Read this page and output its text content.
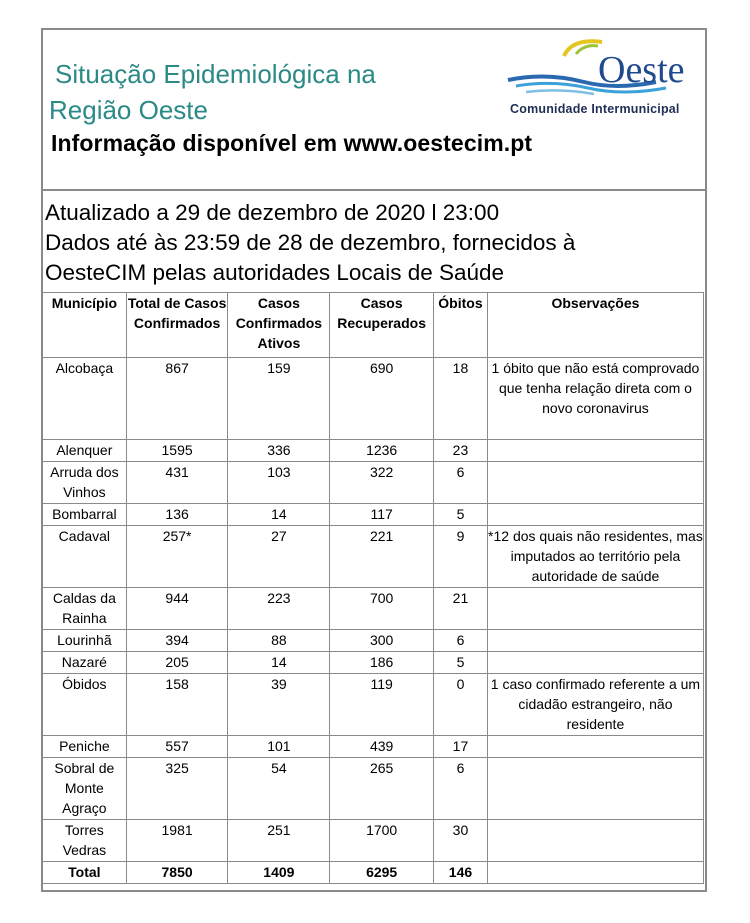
Situação Epidemiológica na
Região Oeste
Informação disponível em www.oestecim.pt
Oeste
Comunidade Intermunicipal
Atualizado a 29 de dezembro de 2020 l 23:00
Dados até às 23:59 de 28 de dezembro, fornecidos à
OesteCIM pelas autoridades Locais de Saúde
Município	Total de Casos Confirmados	Casos Confirmados Ativos	Casos Recuperados	Óbitos	Observações
Alcobaça	867	159	690	18	1 óbito que não está comprovado que tenha relação direta com o novo coronavirus
Alenquer	1595	336	1236	23	
Arruda dos Vinhos	431	103	322	6	
Bombarral	136	14	117	5	
Cadaval	257*	27	221	9	*12 dos quais não residentes, mas imputados ao território pela autoridade de saúde
Caldas da Rainha	944	223	700	21	
Lourinhã	394	88	300	6	
Nazaré	205	14	186	5	
Óbidos	158	39	119	0	1 caso confirmado referente a um cidadão estrangeiro, não residente
Peniche	557	101	439	17	
Sobral de Monte Agraço	325	54	265	6	
Torres Vedras	1981	251	1700	30	
Total	7850	1409	6295	146	
